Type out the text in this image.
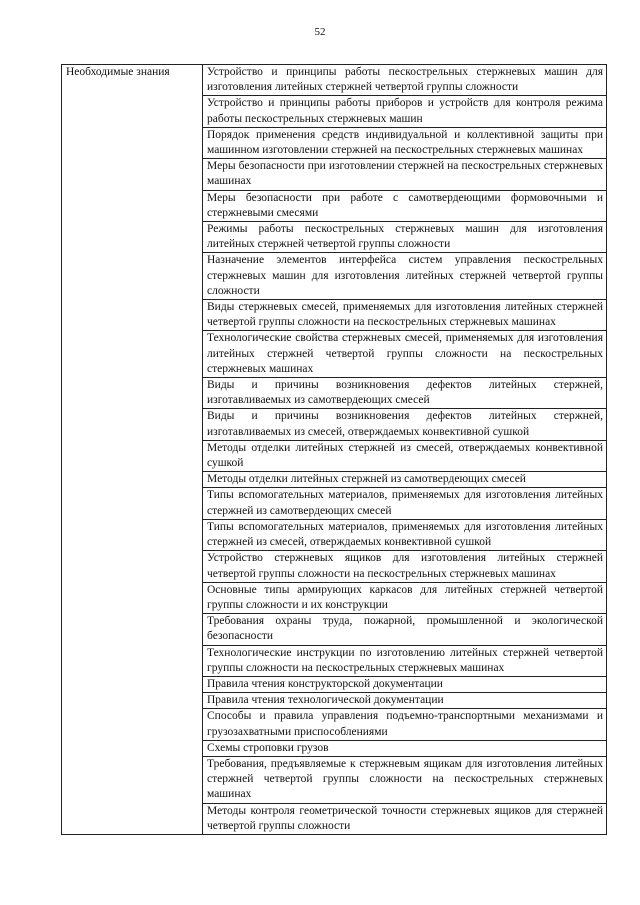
52
Необходимые знания	Устройство и принципы работы пескострельных стержневых машин для изготовления литейных стержней четвертой группы сложности
Устройство и принципы работы приборов и устройств для контроля режима работы пескострельных стержневых машин
Порядок применения средств индивидуальной и коллективной защиты при машинном изготовлении стержней на пескострельных стержневых машинах
Меры безопасности при изготовлении стержней на пескострельных стержневых машинах
Меры безопасности при работе с самотвердеющими формовочными и стержневыми смесями
Режимы работы пескострельных стержневых машин для изготовления литейных стержней четвертой группы сложности
Назначение элементов интерфейса систем управления пескострельных стержневых машин для изготовления литейных стержней четвертой группы сложности
Виды стержневых смесей, применяемых для изготовления литейных стержней четвертой группы сложности на пескострельных стержневых машинах
Технологические свойства стержневых смесей, применяемых для изготовления литейных стержней четвертой группы сложности на пескострельных стержневых машинах
Виды и причины возникновения дефектов литейных стержней, изготавливаемых из самотвердеющих смесей
Виды и причины возникновения дефектов литейных стержней, изготавливаемых из смесей, отверждаемых конвективной сушкой
Методы отделки литейных стержней из смесей, отверждаемых конвективной сушкой
Методы отделки литейных стержней из самотвердеющих смесей
Типы вспомогательных материалов, применяемых для изготовления литейных стержней из самотвердеющих смесей
Типы вспомогательных материалов, применяемых для изготовления литейных стержней из смесей, отверждаемых конвективной сушкой
Устройство стержневых ящиков для изготовления литейных стержней четвертой группы сложности на пескострельных стержневых машинах
Основные типы армирующих каркасов для литейных стержней четвертой группы сложности и их конструкции
Требования охраны труда, пожарной, промышленной и экологической безопасности
Технологические инструкции по изготовлению литейных стержней четвертой группы сложности на пескострельных стержневых машинах
Правила чтения конструкторской документации
Правила чтения технологической документации
Способы и правила управления подъемно-транспортными механизмами и грузозахватными приспособлениями
Схемы строповки грузов
Требования, предъявляемые к стержневым ящикам для изготовления литейных стержней четвертой группы сложности на пескострельных стержневых машинах
Методы контроля геометрической точности стержневых ящиков для стержней четвертой группы сложности
